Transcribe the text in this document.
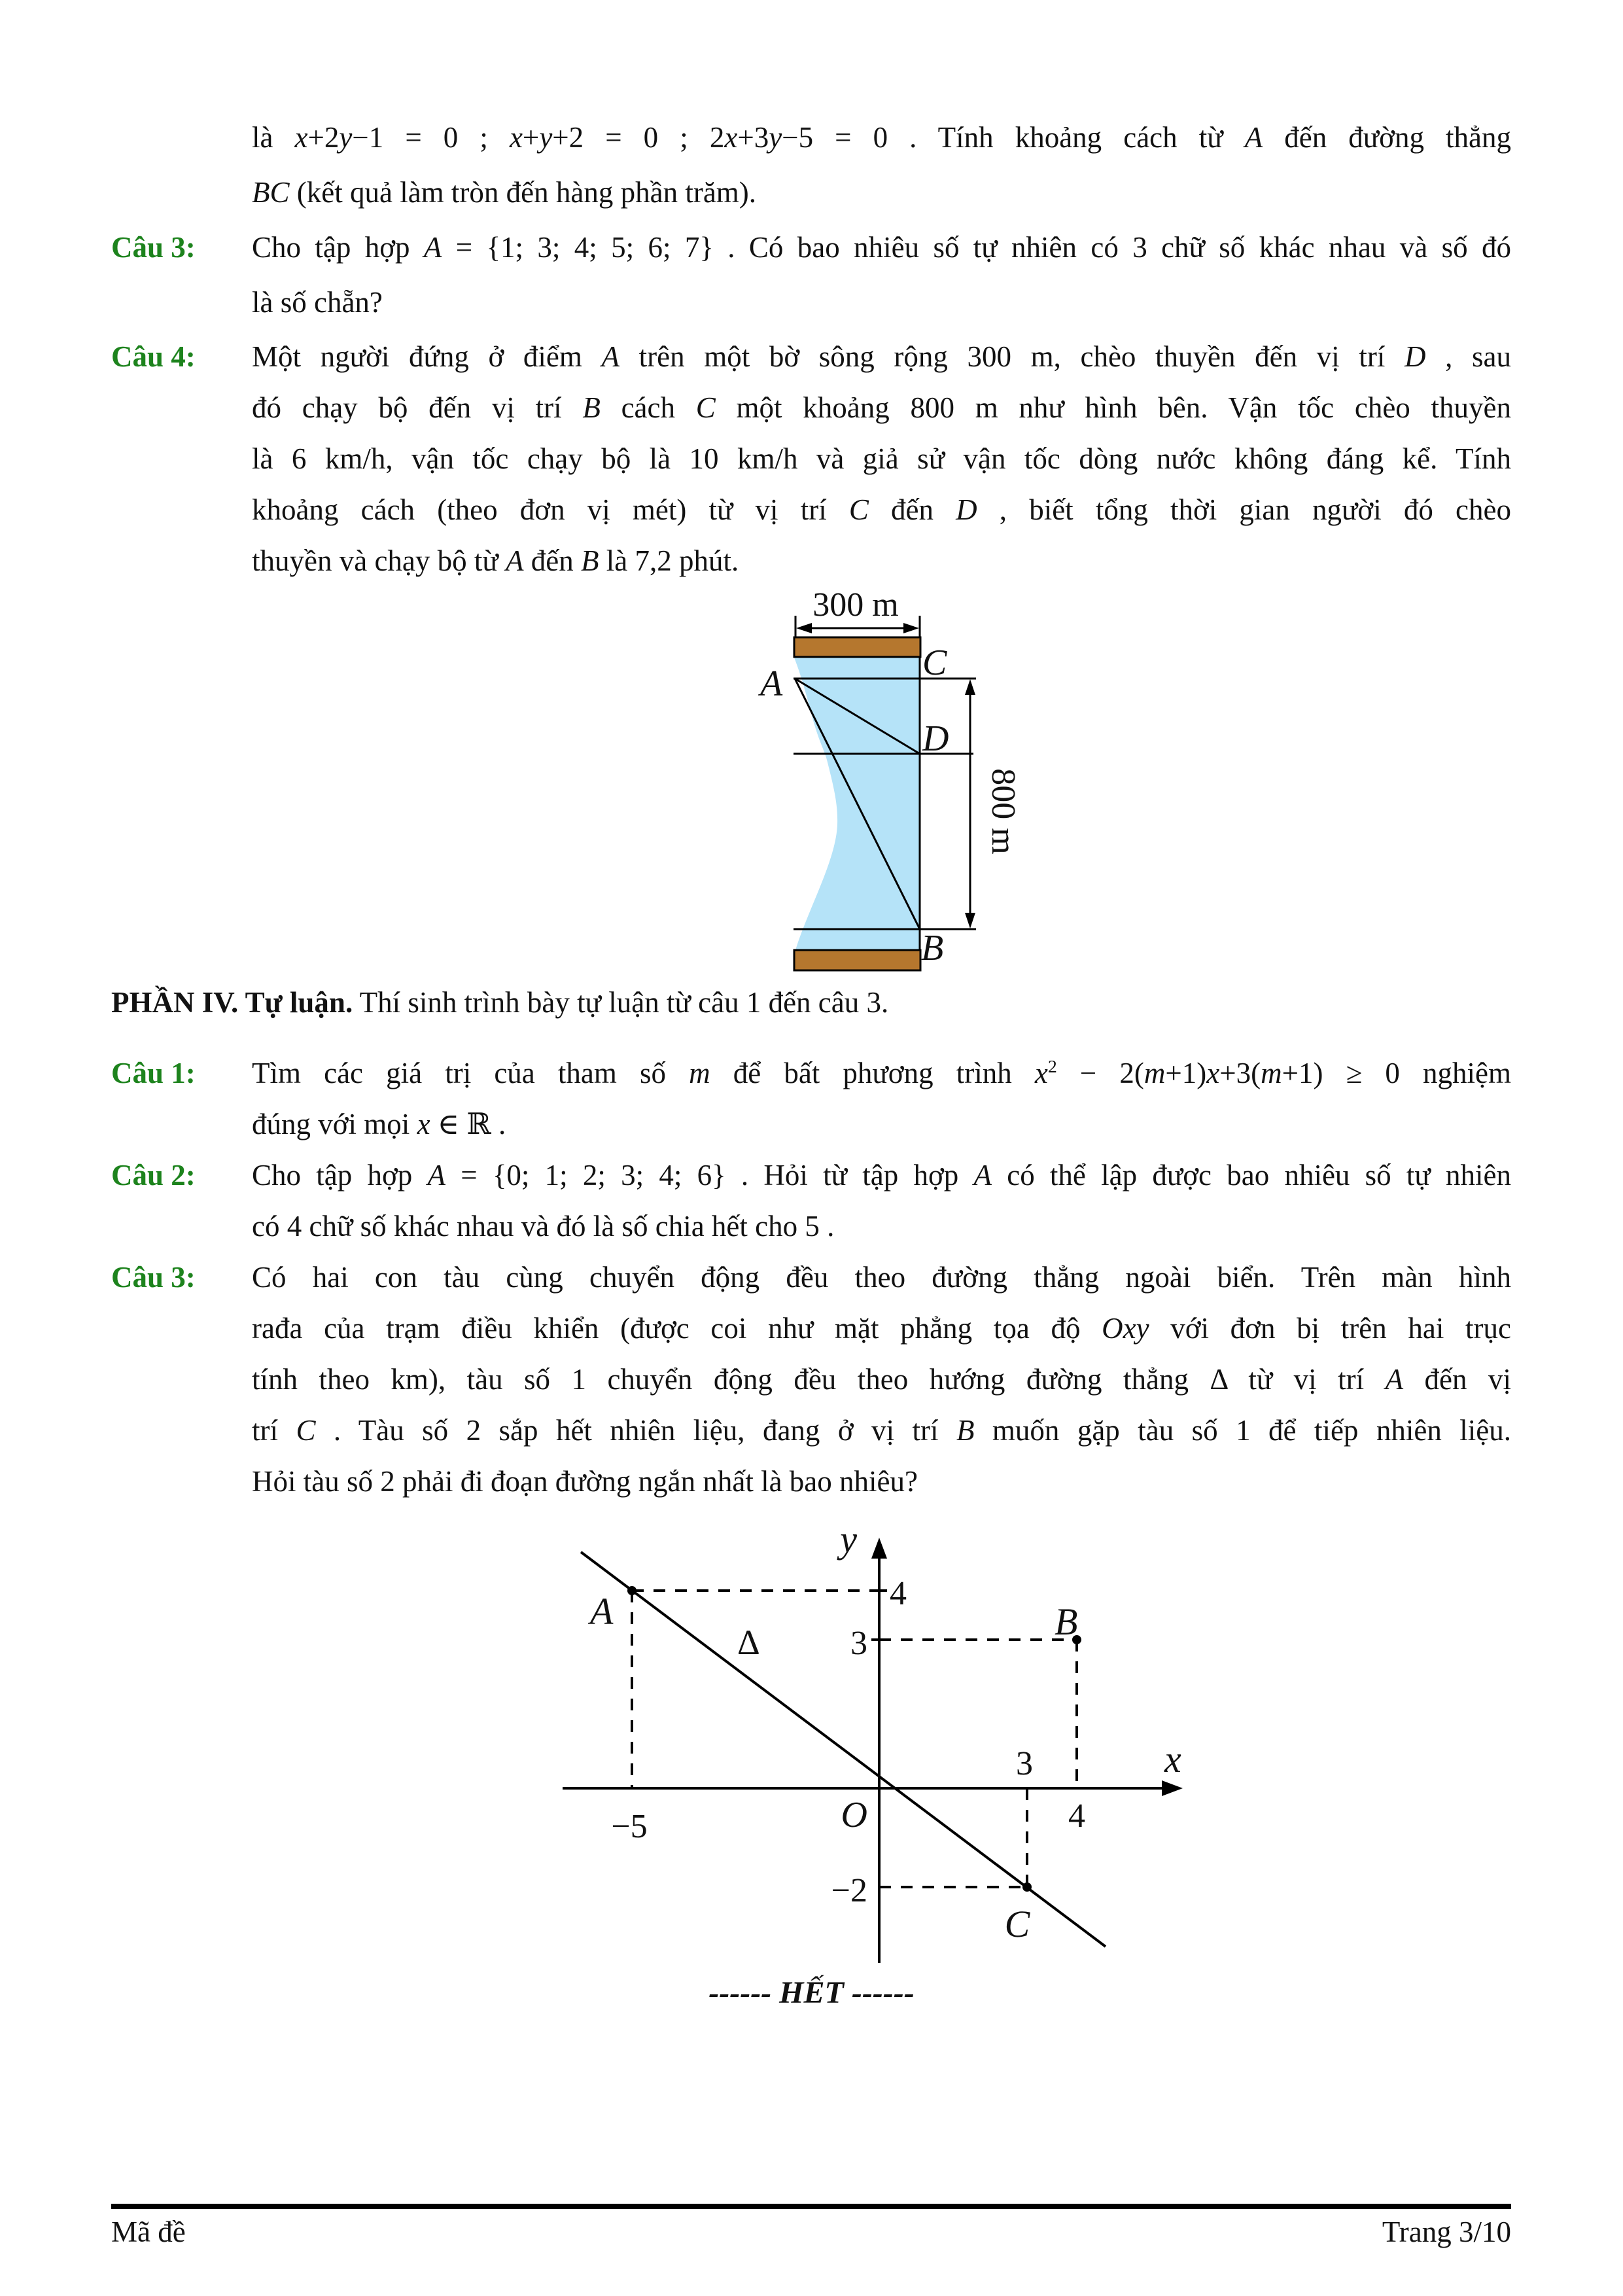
là x+2y−1 = 0 ; x+y+2 = 0 ; 2x+3y−5 = 0 . Tính khoảng cách từ A đến đường thẳng
BC (kết quả làm tròn đến hàng phần trăm).
Câu 3: Cho tập hợp A = {1; 3; 4; 5; 6; 7} . Có bao nhiêu số tự nhiên có 3 chữ số khác nhau và số đó
là số chẵn?
Câu 4: Một người đứng ở điểm A trên một bờ sông rộng 300 m, chèo thuyền đến vị trí D , sau
đó chạy bộ đến vị trí B cách C một khoảng 800 m như hình bên. Vận tốc chèo thuyền
là 6 km/h, vận tốc chạy bộ là 10 km/h và giả sử vận tốc dòng nước không đáng kể. Tính
khoảng cách (theo đơn vị mét) từ vị trí C đến D , biết tổng thời gian người đó chèo
thuyền và chạy bộ từ A đến B là 7,2 phút.
300 m
800 m
A
C
D
B
PHẦN IV. Tự luận. Thí sinh trình bày tự luận từ câu 1 đến câu 3.
Câu 1: Tìm các giá trị của tham số m để bất phương trình $x^2 - 2(m+1)x+3(m+1) \ge 0$ nghiệm
đúng với mọi x ∈ ℝ .
Câu 2: Cho tập hợp A = {0; 1; 2; 3; 4; 6} . Hỏi từ tập hợp A có thể lập được bao nhiêu số tự nhiên
có 4 chữ số khác nhau và đó là số chia hết cho 5 .
Câu 3: Có hai con tàu cùng chuyển động đều theo đường thẳng ngoài biển. Trên màn hình
rađa của trạm điều khiển (được coi như mặt phẳng tọa độ Oxy với đơn bị trên hai trục
tính theo km), tàu số 1 chuyển động đều theo hướng đường thẳng Δ từ vị trí A đến vị
trí C . Tàu số 2 sắp hết nhiên liệu, đang ở vị trí B muốn gặp tàu số 1 để tiếp nhiên liệu.
Hỏi tàu số 2 phải đi đoạn đường ngắn nhất là bao nhiêu?
y
x
O
Δ
A	B
C
4
3
−2
−5
3
4
------ HẾT ------
Mã đề	Trang 3/10
